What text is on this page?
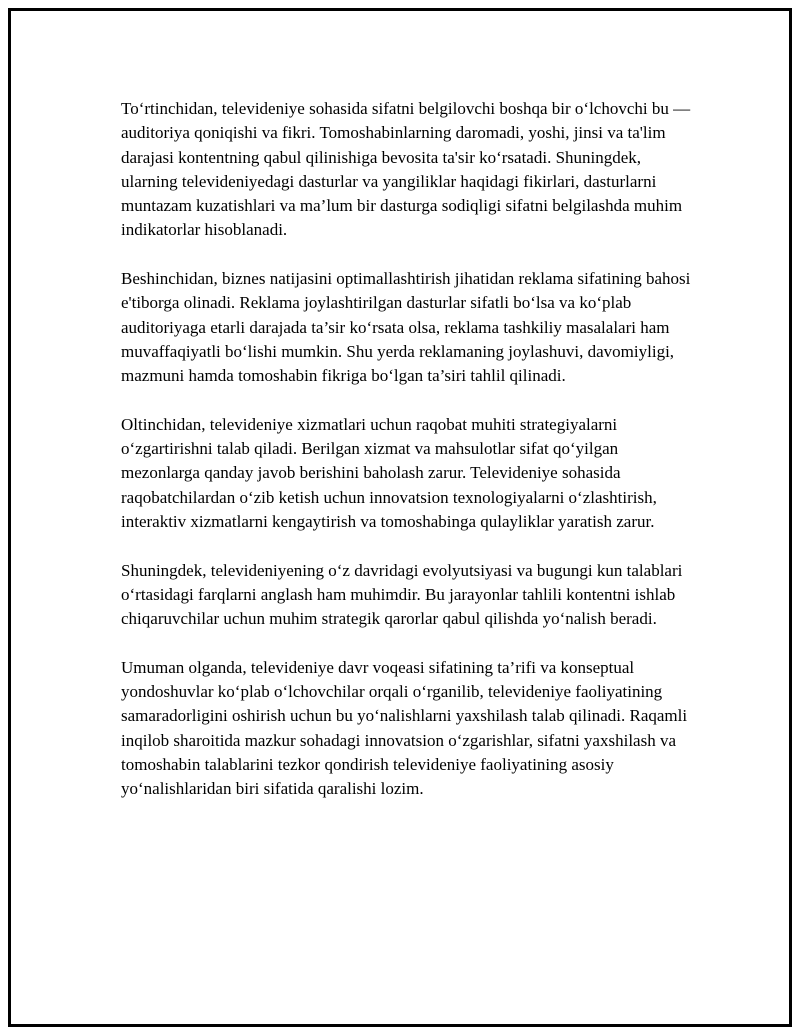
To‘rtinchidan, televideniye sohasida sifatni belgilovchi boshqa bir o‘lchovchi bu — auditoriya qoniqishi va fikri. Tomoshabinlarning daromadi, yoshi, jinsi va ta'lim darajasi kontentning qabul qilinishiga bevosita ta'sir ko‘rsatadi. Shuningdek, ularning televideniyedagi dasturlar va yangiliklar haqidagi fikirlari, dasturlarni muntazam kuzatishlari va ma’lum bir dasturga sodiqligi sifatni belgilashda muhim indikatorlar hisoblanadi.

Beshinchidan, biznes natijasini optimallashtirish jihatidan reklama sifatining bahosi e'tiborga olinadi. Reklama joylashtirilgan dasturlar sifatli bo‘lsa va ko‘plab auditoriyaga etarli darajada ta’sir ko‘rsata olsa, reklama tashkiliy masalalari ham muvaffaqiyatli bo‘lishi mumkin. Shu yerda reklamaning joylashuvi, davomiyligi, mazmuni hamda tomoshabin fikriga bo‘lgan ta’siri tahlil qilinadi.

Oltinchidan, televideniye xizmatlari uchun raqobat muhiti strategiyalarni o‘zgartirishni talab qiladi. Berilgan xizmat va mahsulotlar sifat qo‘yilgan mezonlarga qanday javob berishini baholash zarur. Televideniye sohasida raqobatchilardan o‘zib ketish uchun innovatsion texnologiyalarni o‘zlashtirish, interaktiv xizmatlarni kengaytirish va tomoshabinga qulayliklar yaratish zarur.

Shuningdek, televideniyening o‘z davridagi evolyutsiyasi va bugungi kun talablari o‘rtasidagi farqlarni anglash ham muhimdir. Bu jarayonlar tahlili kontentni ishlab chiqaruvchilar uchun muhim strategik qarorlar qabul qilishda yo‘nalish beradi.

Umuman olganda, televideniye davr voqeasi sifatining ta’rifi va konseptual yondoshuvlar ko‘plab o‘lchovchilar orqali o‘rganilib, televideniye faoliyatining samaradorligini oshirish uchun bu yo‘nalishlarni yaxshilash talab qilinadi. Raqamli inqilob sharoitida mazkur sohadagi innovatsion o‘zgarishlar, sifatni yaxshilash va tomoshabin talablarini tezkor qondirish televideniye faoliyatining asosiy yo‘nalishlaridan biri sifatida qaralishi lozim.
